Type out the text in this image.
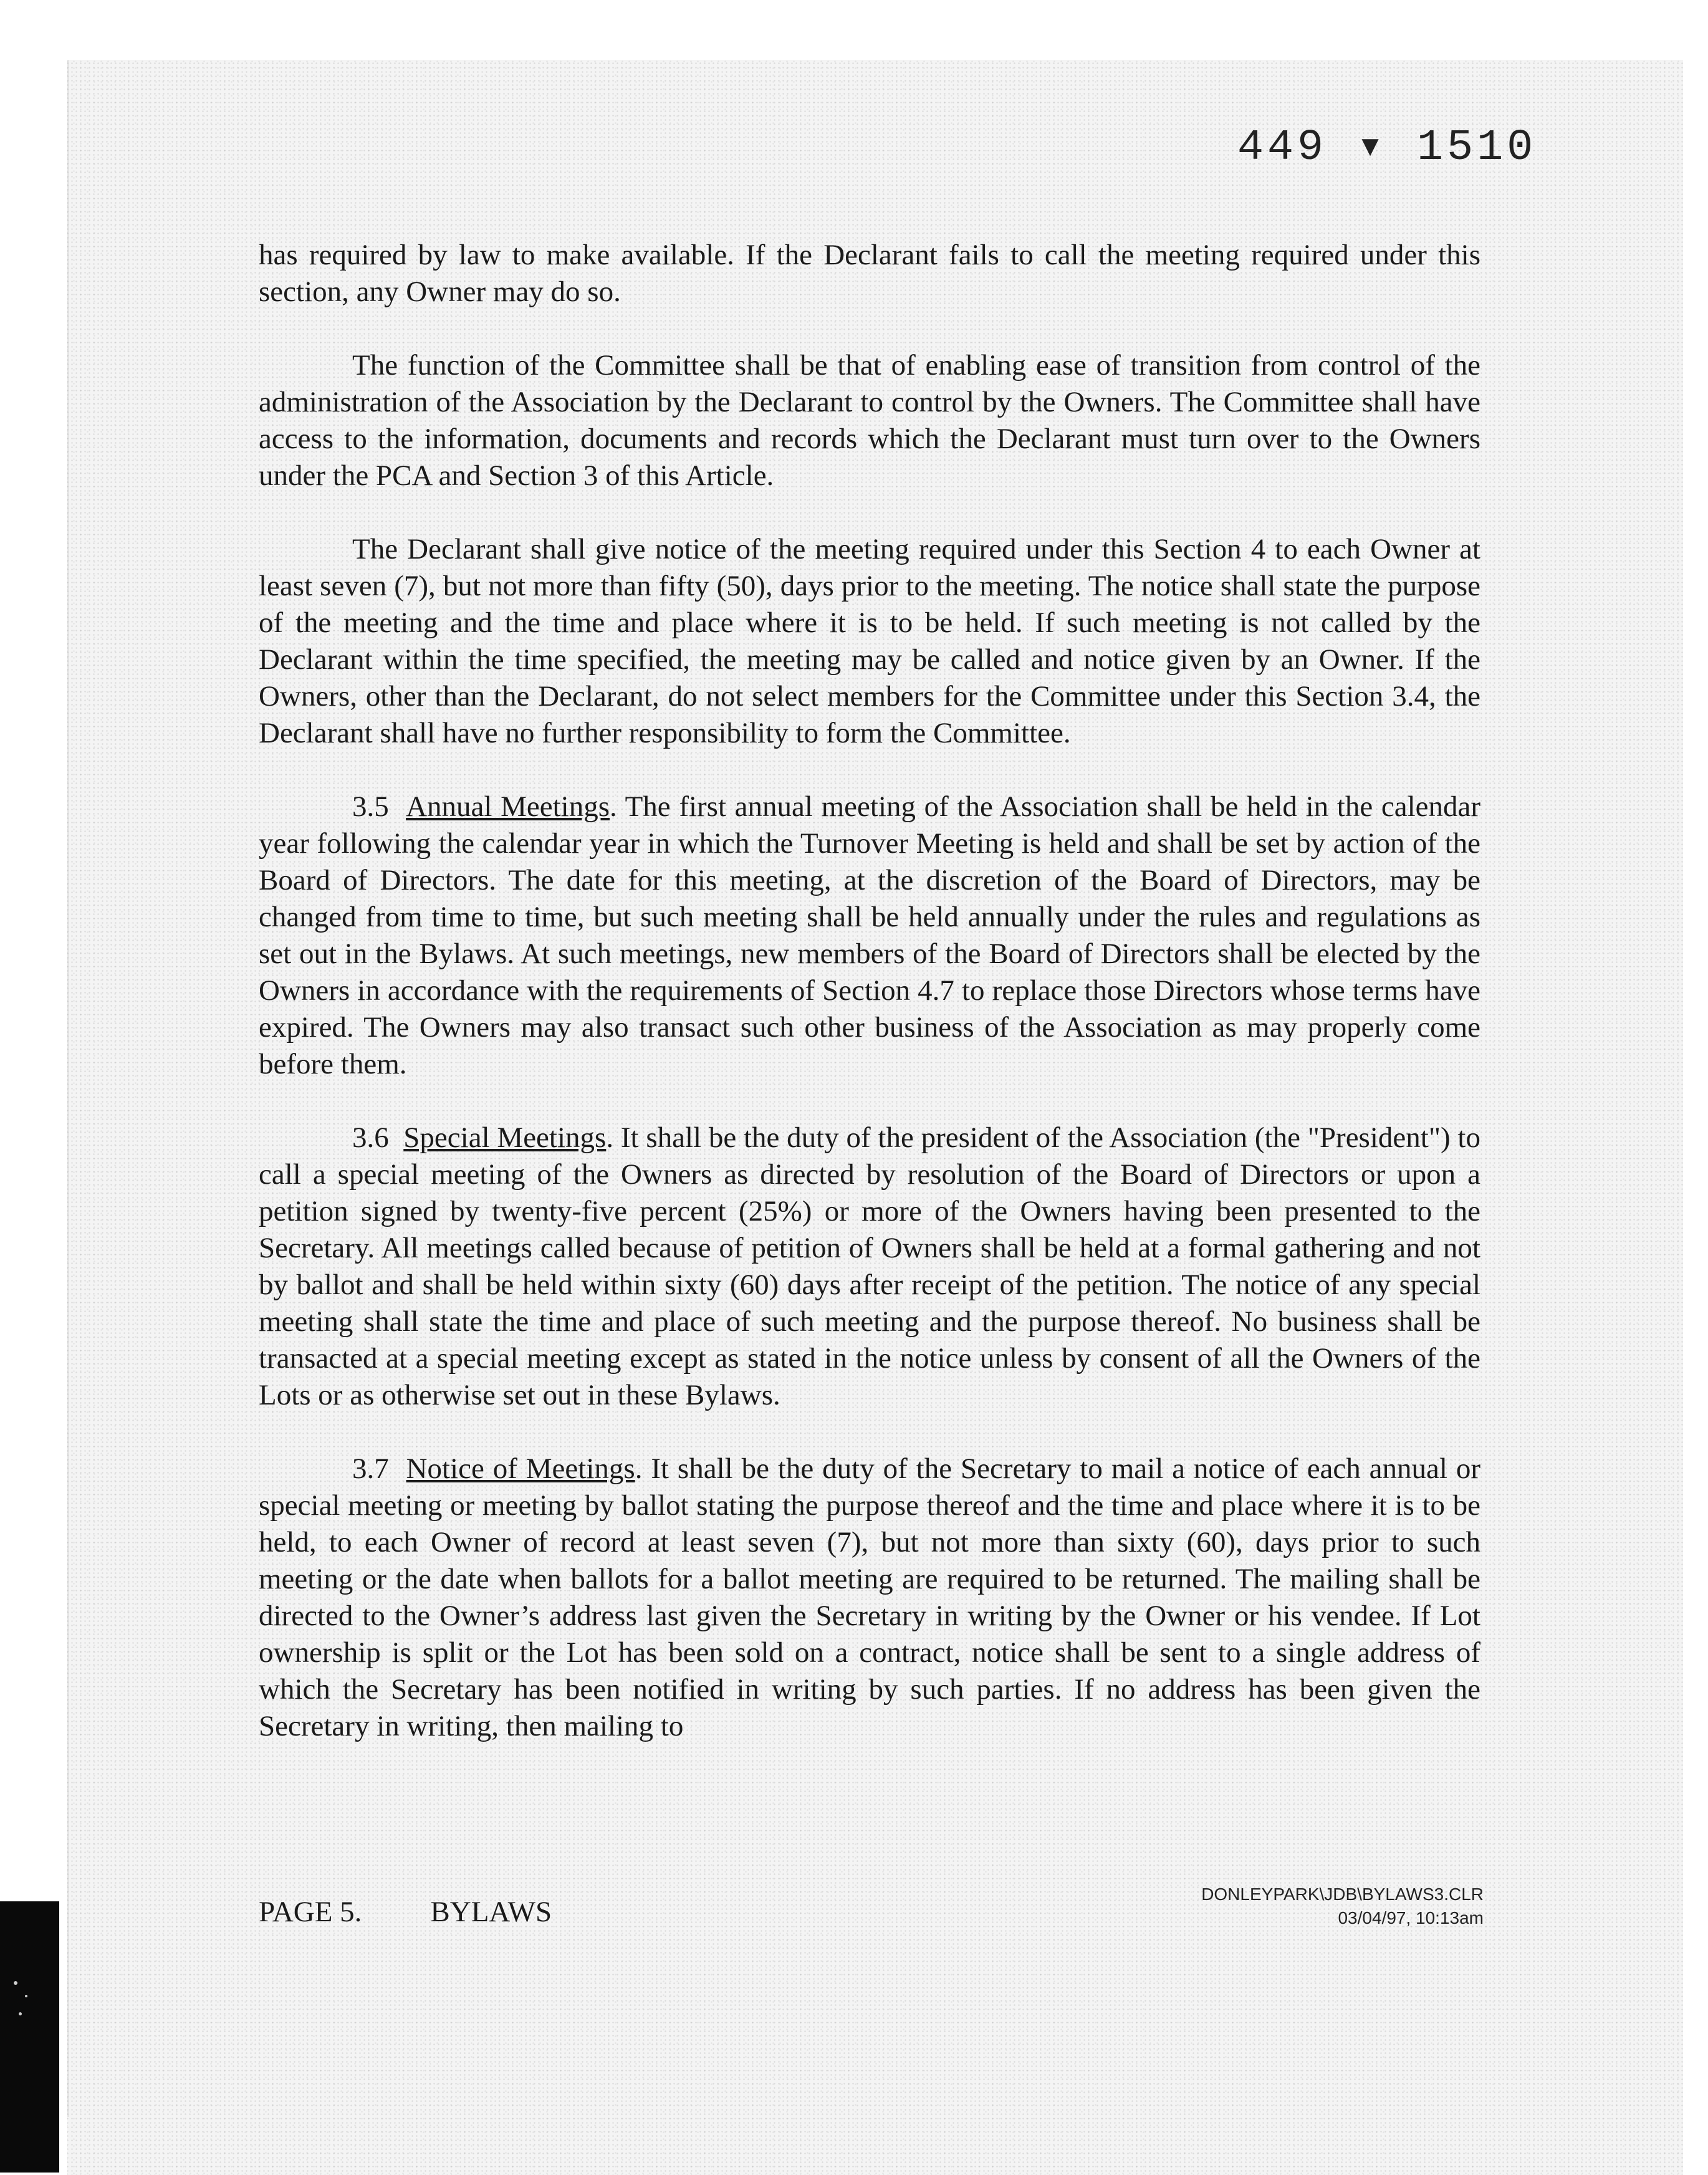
449 ▾ 1510

has required by law to make available. If the Declarant fails to call the meeting required under this section, any Owner may do so.

The function of the Committee shall be that of enabling ease of transition from control of the administration of the Association by the Declarant to control by the Owners. The Committee shall have access to the information, documents and records which the Declarant must turn over to the Owners under the PCA and Section 3 of this Article.

The Declarant shall give notice of the meeting required under this Section 4 to each Owner at least seven (7), but not more than fifty (50), days prior to the meeting. The notice shall state the purpose of the meeting and the time and place where it is to be held. If such meeting is not called by the Declarant within the time specified, the meeting may be called and notice given by an Owner. If the Owners, other than the Declarant, do not select members for the Committee under this Section 3.4, the Declarant shall have no further responsibility to form the Committee.

3.5 Annual Meetings. The first annual meeting of the Association shall be held in the calendar year following the calendar year in which the Turnover Meeting is held and shall be set by action of the Board of Directors. The date for this meeting, at the discretion of the Board of Directors, may be changed from time to time, but such meeting shall be held annually under the rules and regulations as set out in the Bylaws. At such meetings, new members of the Board of Directors shall be elected by the Owners in accordance with the requirements of Section 4.7 to replace those Directors whose terms have expired. The Owners may also transact such other business of the Association as may properly come before them.

3.6 Special Meetings. It shall be the duty of the president of the Association (the "President") to call a special meeting of the Owners as directed by resolution of the Board of Directors or upon a petition signed by twenty-five percent (25%) or more of the Owners having been presented to the Secretary. All meetings called because of petition of Owners shall be held at a formal gathering and not by ballot and shall be held within sixty (60) days after receipt of the petition. The notice of any special meeting shall state the time and place of such meeting and the purpose thereof. No business shall be transacted at a special meeting except as stated in the notice unless by consent of all the Owners of the Lots or as otherwise set out in these Bylaws.

3.7 Notice of Meetings. It shall be the duty of the Secretary to mail a notice of each annual or special meeting or meeting by ballot stating the purpose thereof and the time and place where it is to be held, to each Owner of record at least seven (7), but not more than sixty (60), days prior to such meeting or the date when ballots for a ballot meeting are required to be returned. The mailing shall be directed to the Owner’s address last given the Secretary in writing by the Owner or his vendee. If Lot ownership is split or the Lot has been sold on a contract, notice shall be sent to a single address of which the Secretary has been notified in writing by such parties. If no address has been given the Secretary in writing, then mailing to

PAGE 5. BYLAWS
DONLEYPARK\JDB\BYLAWS3.CLR
03/04/97, 10:13am
